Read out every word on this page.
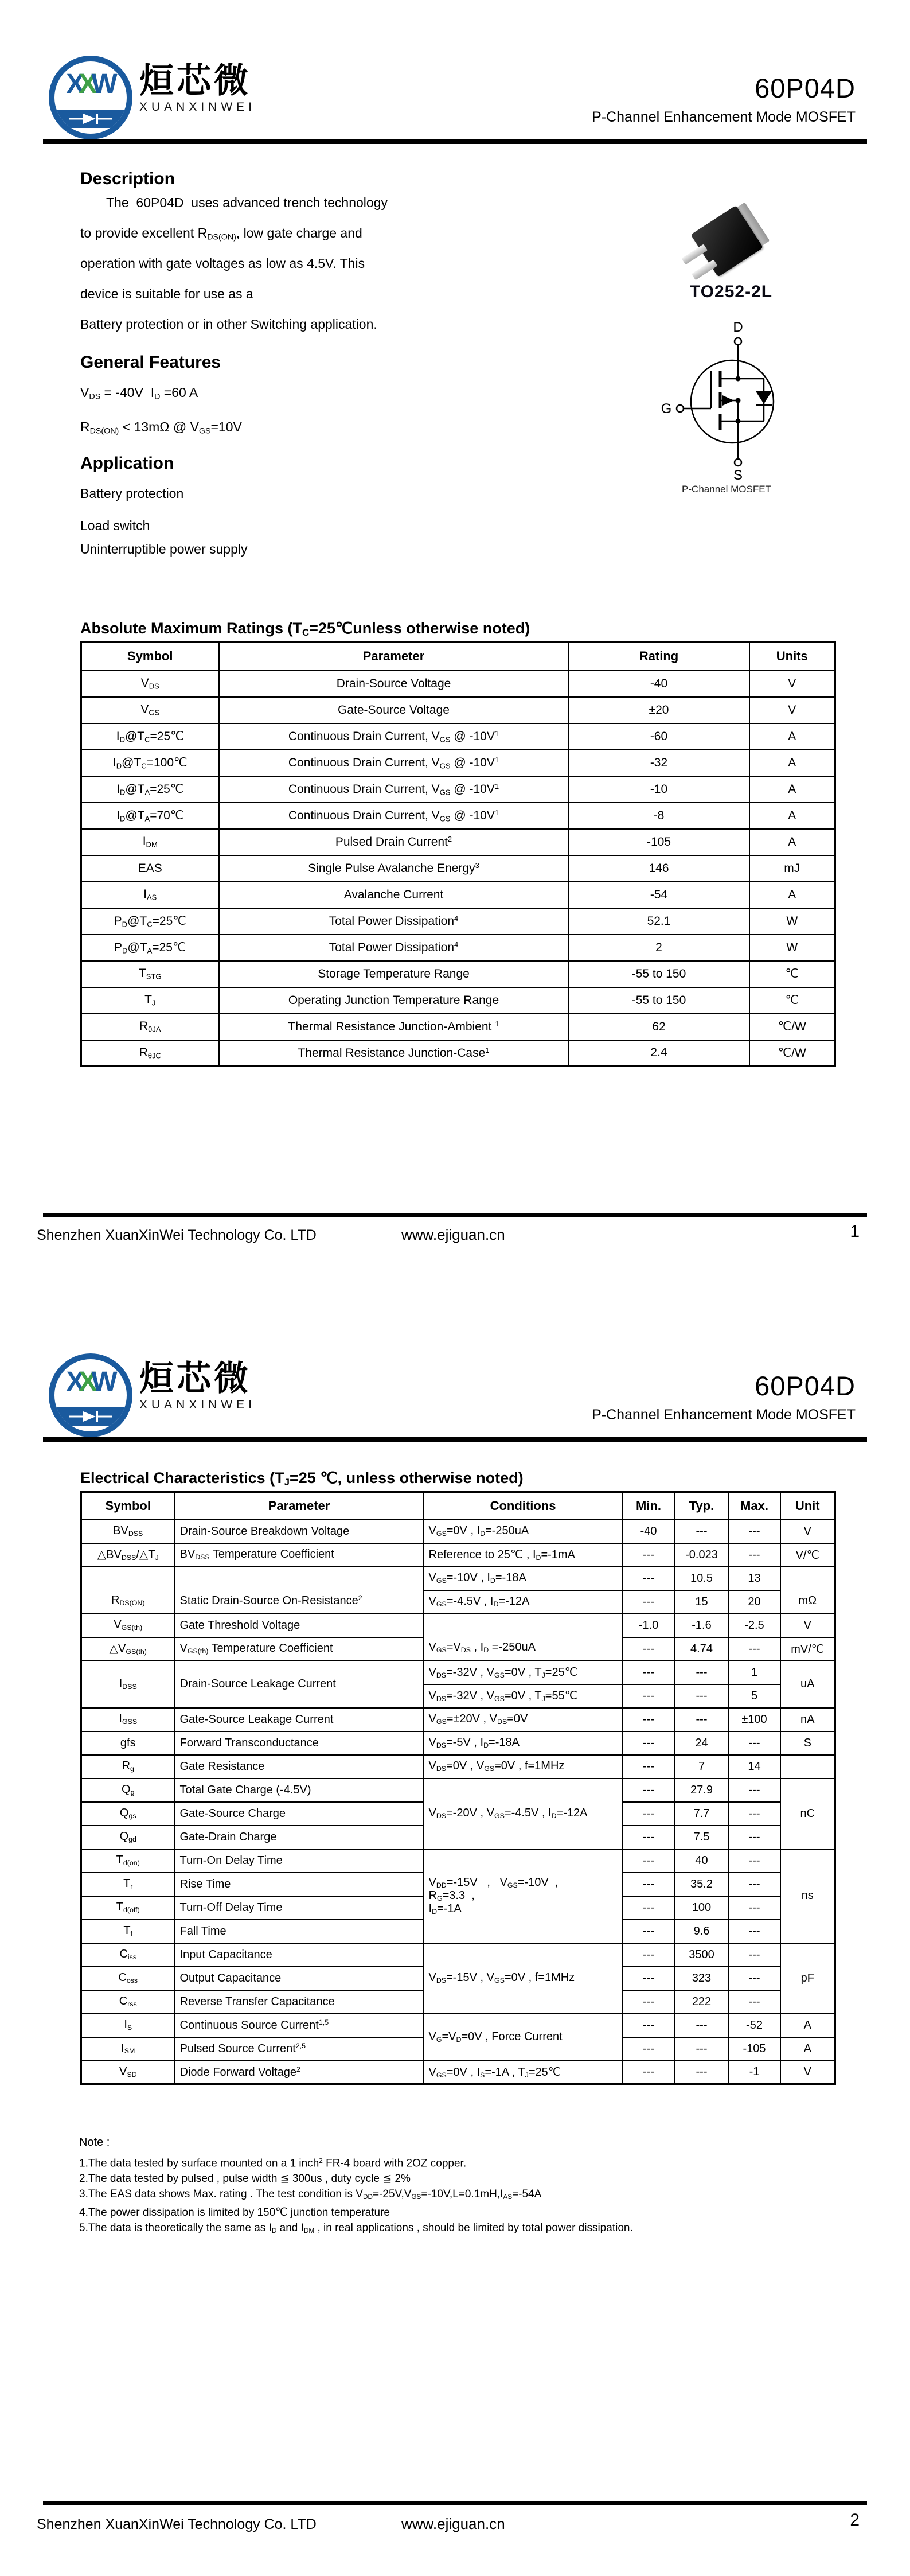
XXW 烜芯微
XUANXINWEI
60P04D
P-Channel Enhancement Mode MOSFET
Description
The  60P04D  uses advanced trench technology
to provide excellent $R_{DS(ON)}$, low gate charge and
operation with gate voltages as low as 4.5V. This
device is suitable for use as a
Battery protection or in other Switching application.
General Features
$V_{DS} = -40V$  $I_D =60$ A
$R_{DS(ON)} < 13m\Omega$ @ $V_{GS}=10V$
Application
Battery protection
Load switch
Uninterruptible power supply
TO252-2L
D
G
S
P-Channel MOSFET
Absolute Maximum Ratings ($T_C=25℃unless$ otherwise noted)
Symbol	Parameter	Rating	Units
$V_{DS}$	Drain-Source Voltage	-40	V
$V_{GS}$	Gate-Source Voltage	±20	V
$I_D@T_C=25℃$	Continuous Drain Current, $V_{GS}$ @ $-10V^1$	-60	A
$I_D@T_C=100℃$	Continuous Drain Current, $V_{GS}$ @ $-10V^1$	-32	A
$I_D@T_A=25℃$	Continuous Drain Current, $V_{GS}$ @ $-10V^1$	-10	A
$I_D@T_A=70℃$	Continuous Drain Current, $V_{GS}$ @ $-10V^1$	-8	A
$I_{DM}$	Pulsed Drain Current$^2$	-105	A
EAS	Single Pulse Avalanche Energy$^3$	146	mJ
$I_{AS}$	Avalanche Current	-54	A
$P_D@T_C=25℃$	Total Power Dissipation$^4$	52.1	W
$P_D@T_A=25℃$	Total Power Dissipation$^4$	2	W
$T_{STG}$	Storage Temperature Range	-55 to 150	℃
$T_J$	Operating Junction Temperature Range	-55 to 150	℃
$R_{\theta JA}$	Thermal Resistance Junction-Ambient $^1$	62	℃/W
$R_{\theta JC}$	Thermal Resistance Junction-Case$^1$	2.4	℃/W
Shenzhen XuanXinWei Technology Co. LTD	www.ejiguan.cn	1
XXW 烜芯微
XUANXINWEI
60P04D
P-Channel Enhancement Mode MOSFET
Electrical Characteristics ($T_J=25$ ℃, unless otherwise noted)
Symbol	Parameter	Conditions	Min.	Typ.	Max.	Unit
$BV_{DSS}$	Drain-Source Breakdown Voltage	$V_{GS}=0V$ , $I_D=-250uA$	-40	---	---	V
$\triangle BV_{DSS}/\triangle T_J$	$BV_{DSS}$ Temperature Coefficient	Reference to 25℃ , $I_D=-1mA$	---	-0.023	---	V/℃
$R_{DS(ON)}$	Static Drain-Source On-Resistance$^2$	$V_{GS}=-10V$ , $I_D=-18A$	---	10.5	13	mΩ
		$V_{GS}=-4.5V$ , $I_D=-12A$	---	15	20	
$V_{GS(th)}$	Gate Threshold Voltage	$V_{GS}=V_{DS}$ , $I_D =-250uA$	-1.0	-1.6	-2.5	V
$\triangle V_{GS(th)}$	$V_{GS(th)}$ Temperature Coefficient		---	4.74	---	mV/℃
$I_{DSS}$	Drain-Source Leakage Current	$V_{DS}=-32V$ , $V_{GS}=0V$ , $T_J=25℃$	---	---	1	uA
		$V_{DS}=-32V$ , $V_{GS}=0V$ , $T_J=55℃$	---	---	5	
$I_{GSS}$	Gate-Source Leakage Current	$V_{GS}=\pm 20V$ , $V_{DS}=0V$	---	---	±100	nA
gfs	Forward Transconductance	$V_{DS}=-5V$ , $I_D=-18A$	---	24	---	S
$R_g$	Gate Resistance	$V_{DS}=0V$ , $V_{GS}=0V$ , f=1MHz	---	7	14	
$Q_g$	Total Gate Charge (-4.5V)	$V_{DS}=-20V$ , $V_{GS}=-4.5V$ , $I_D=-12A$	---	27.9	---	nC
$Q_{gs}$	Gate-Source Charge		---	7.7	---	
$Q_{gd}$	Gate-Drain Charge		---	7.5	---	
$T_{d(on)}$	Turn-On Delay Time	$V_{DD}=-15V$   ,   $V_{GS}=-10V$  ,
$R_G=3.3$  ,
$I_D=-1A$	---	40	---	ns
$T_r$	Rise Time		---	35.2	---	
$T_{d(off)}$	Turn-Off Delay Time		---	100	---	
$T_f$	Fall Time		---	9.6	---	
$C_{iss}$	Input Capacitance	$V_{DS}=-15V$ , $V_{GS}=0V$ , f=1MHz	---	3500	---	pF
$C_{oss}$	Output Capacitance		---	323	---	
$C_{rss}$	Reverse Transfer Capacitance		---	222	---	
$I_S$	Continuous Source Current$^{1,5}$	$V_G=V_D=0V$ , Force Current	---	---	-52	A
$I_{SM}$	Pulsed Source Current$^{2,5}$		---	---	-105	A
$V_{SD}$	Diode Forward Voltage$^2$	$V_{GS}=0V$ , $I_S=-1A$ , $T_J=25℃$	---	---	-1	V
Note :
1.The data tested by surface mounted on a 1 inch$^2$ FR-4 board with 2OZ copper.
2.The data tested by pulsed , pulse width ≦ 300us , duty cycle ≦ 2%
3.The EAS data shows Max. rating . The test condition is $V_{DD}=-25V,V_{GS}=-10V,L=0.1mH,I_{AS}=-54A$
4.The power dissipation is limited by 150℃ junction temperature
5.The data is theoretically the same as $I_D$ and $I_{DM}$ , in real applications , should be limited by total power dissipation.
Shenzhen XuanXinWei Technology Co. LTD	www.ejiguan.cn	2
